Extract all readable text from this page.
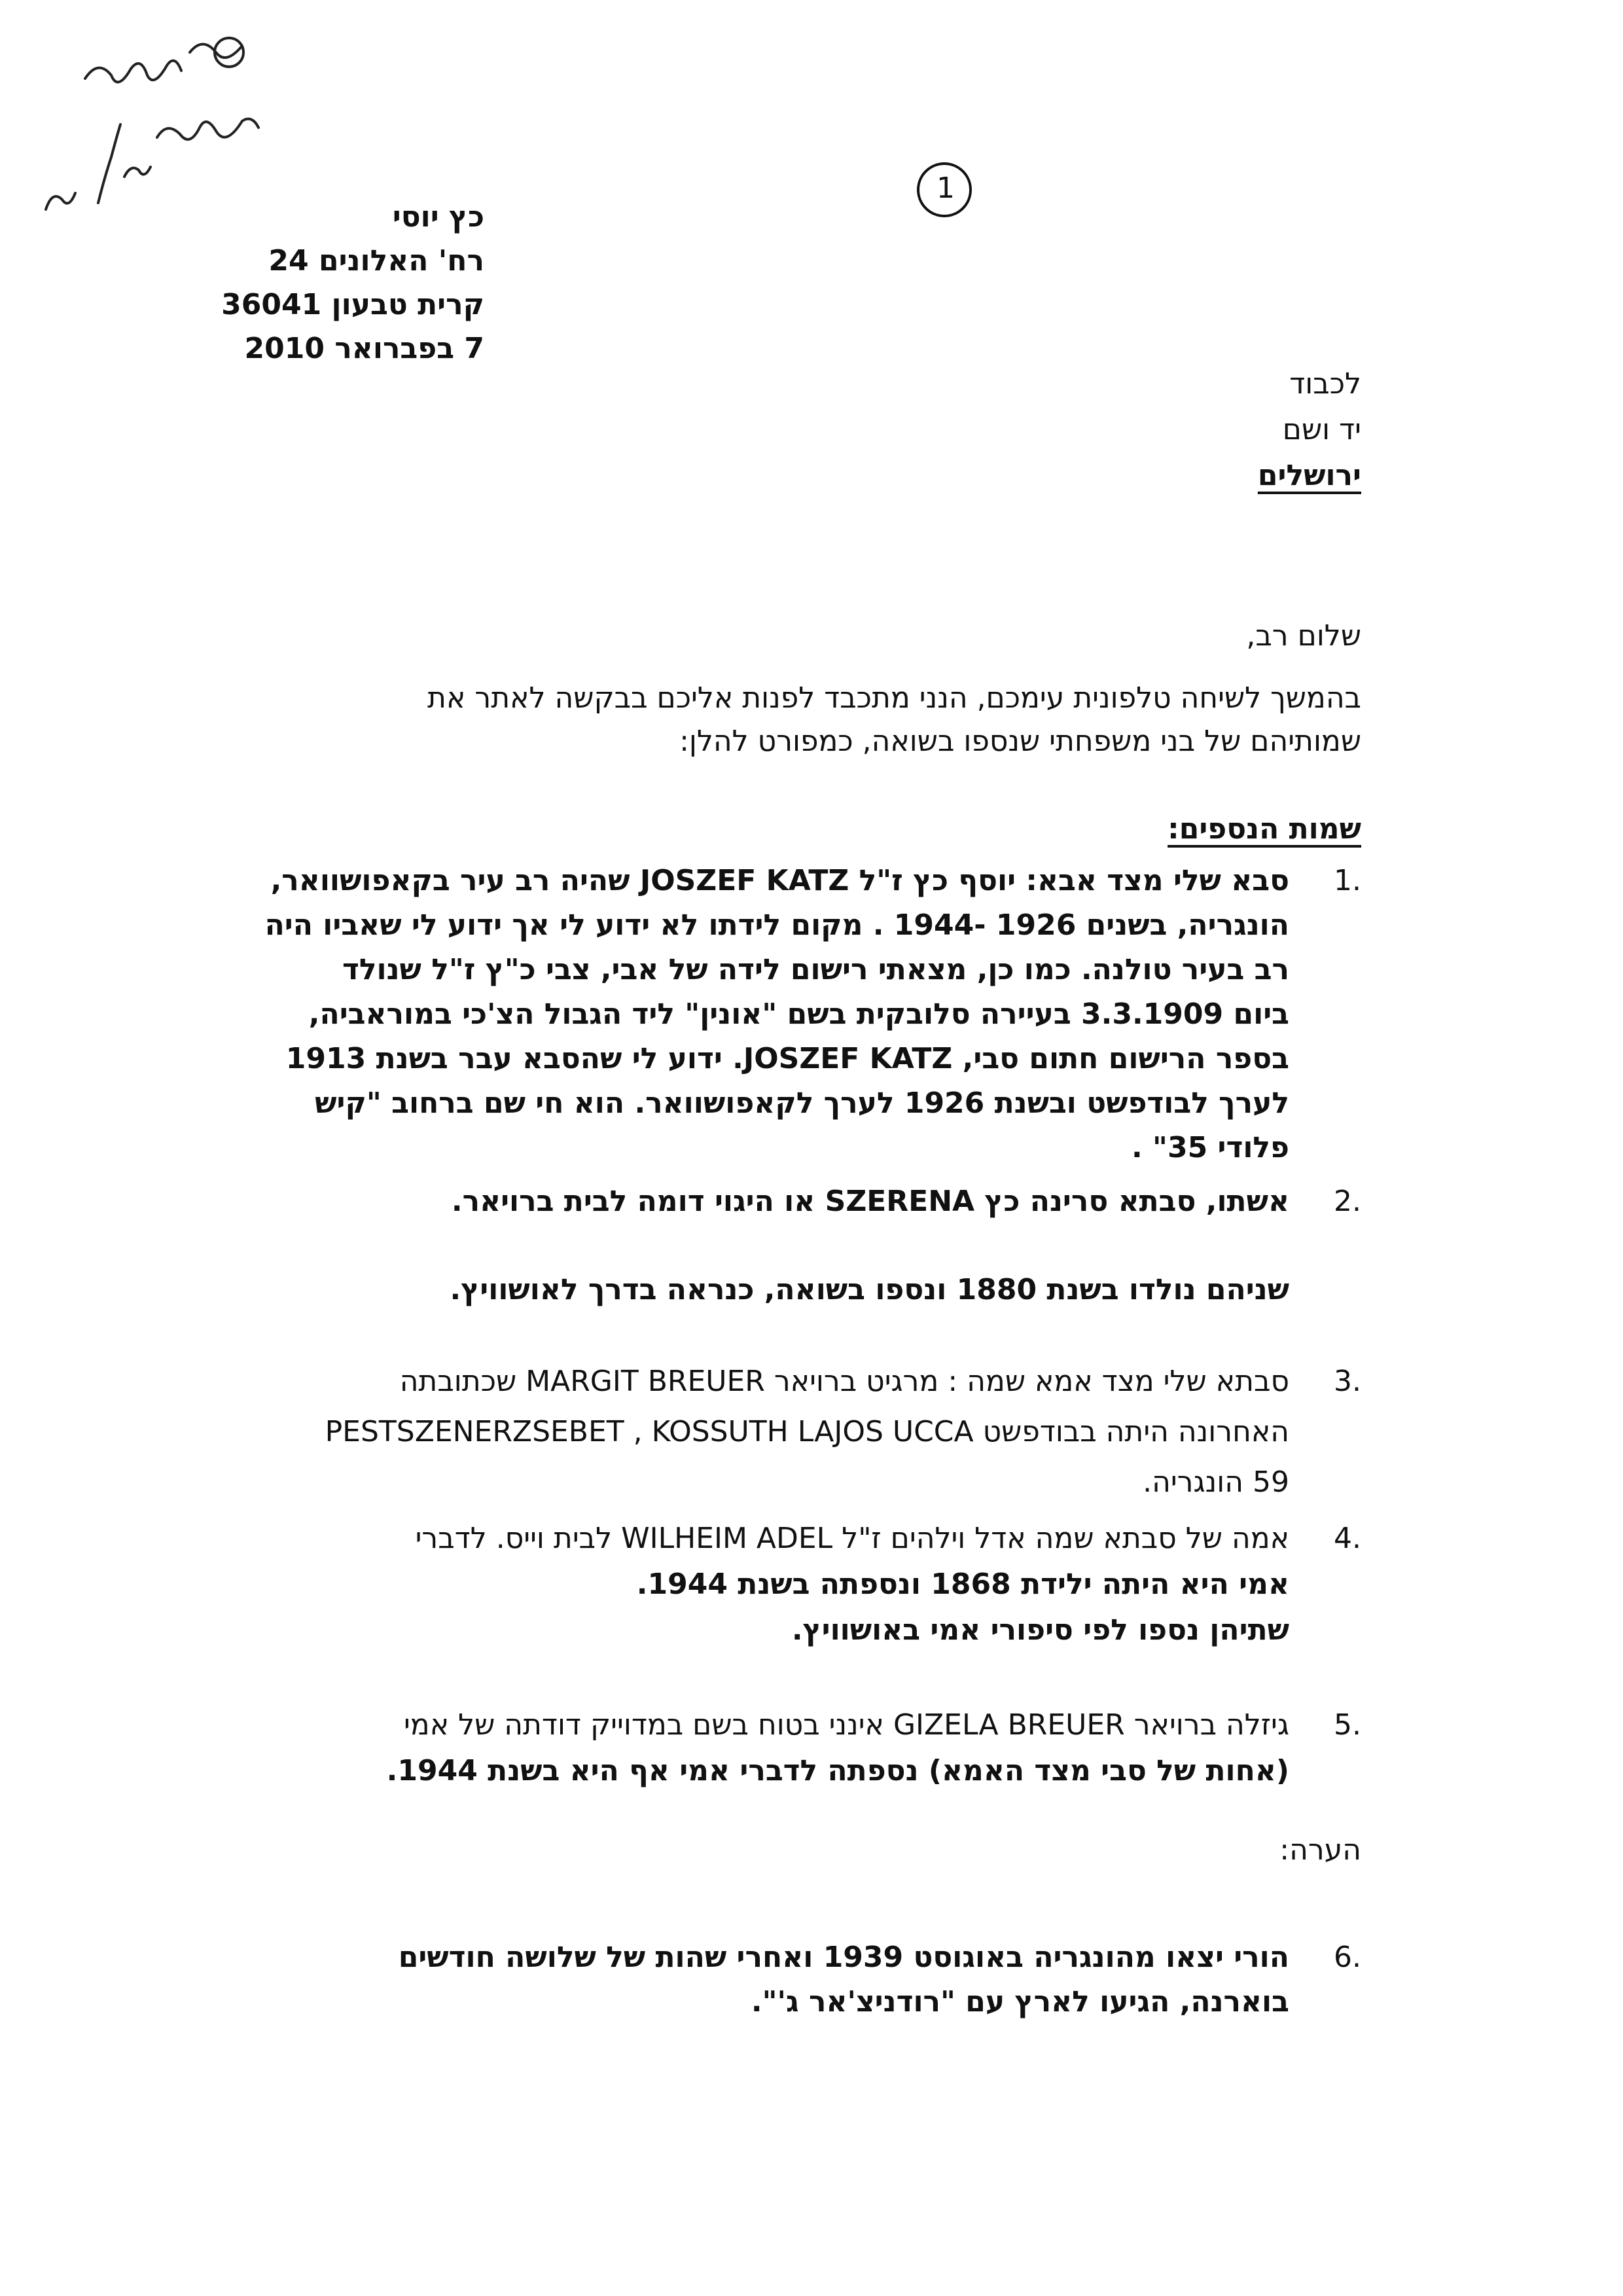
1
כץ יוסי
רח' האלונים 24
קרית טבעון 36041
7 בפברואר 2010
לכבוד
יד ושם
ירושלים
שלום רב,
בהמשך לשיחה טלפונית עימכם, הנני מתכבד לפנות אליכם בבקשה לאתר את
שמותיהם של בני משפחתי שנספו בשואה, כמפורט להלן:
שמות הנספים:
1.
סבא שלי מצד אבא: יוסף כץ ז"ל JOSZEF KATZ שהיה רב עיר בקאפושוואר,
הונגריה, בשנים 1926 -1944 . מקום לידתו לא ידוע לי אך ידוע לי שאביו היה
רב בעיר טולנה. כמו כן, מצאתי רישום לידה של אבי, צבי כ"ץ ז"ל שנולד
ביום 3.3.1909 בעיירה סלובקית בשם "אונין" ליד הגבול הצ'כי במוראביה,
בספר הרישום חתום סבי, JOSZEF KATZ. ידוע לי שהסבא עבר בשנת 1913
לערך לבודפשט ובשנת 1926 לערך לקאפושוואר. הוא חי שם ברחוב "קיש
פלודי 35" .
2.
אשתו, סבתא סרינה כץ SZERENA או היגוי דומה לבית ברויאר.
שניהם נולדו בשנת 1880 ונספו בשואה, כנראה בדרך לאושוויץ.
3.
סבתא שלי מצד אמא שמה : מרגיט ברויאר MARGIT BREUER שכתובתה
האחרונה היתה בבודפשט PESTSZENERZSEBET , KOSSUTH LAJOS UCCA
59 הונגריה.
4.
אמה של סבתא שמה אדל וילהים ז"ל WILHEIM ADEL לבית וייס. לדברי
אמי היא היתה ילידת 1868 ונספתה בשנת 1944.
שתיהן נספו לפי סיפורי אמי באושוויץ.
5.
גיזלה ברויאר GIZELA BREUER אינני בטוח בשם במדוייק דודתה של אמי
(אחות של סבי מצד האמא) נספתה לדברי אמי אף היא בשנת 1944.
הערה:
6.
הורי יצאו מהונגריה באוגוסט 1939 ואחרי שהות של שלושה חודשים
בוארנה, הגיעו לארץ עם "רודניצ'אר ג'".
